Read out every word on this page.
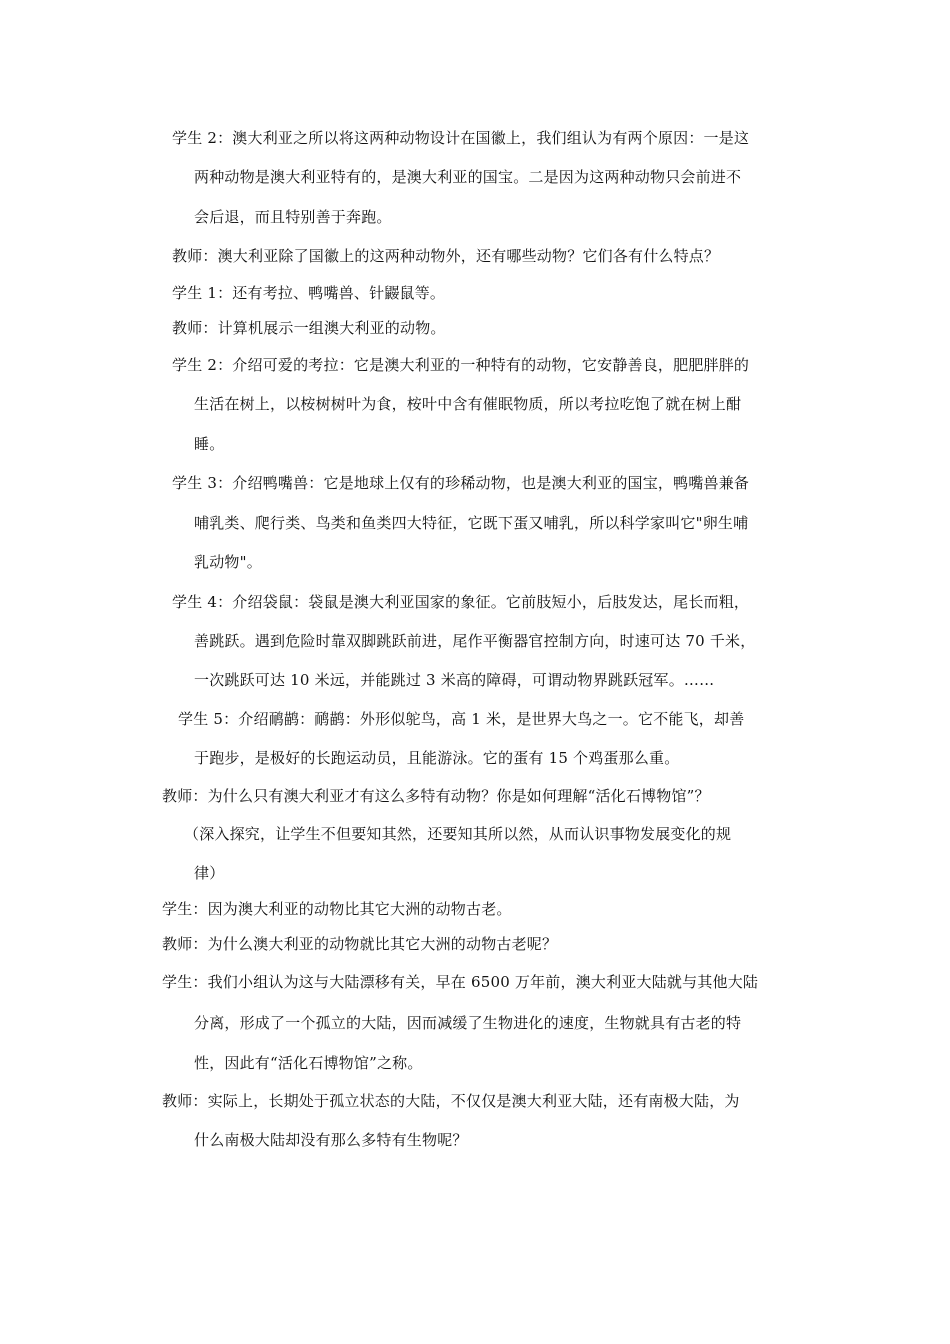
学生 2：澳大利亚之所以将这两种动物设计在国徽上，我们组认为有两个原因：一是这
两种动物是澳大利亚特有的，是澳大利亚的国宝。二是因为这两种动物只会前进不
会后退，而且特别善于奔跑。
教师：澳大利亚除了国徽上的这两种动物外，还有哪些动物？它们各有什么特点？
学生 1：还有考拉、鸭嘴兽、针鼹鼠等。
教师：计算机展示一组澳大利亚的动物。
学生 2：介绍可爱的考拉：它是澳大利亚的一种特有的动物，它安静善良，肥肥胖胖的
生活在树上，以桉树树叶为食，桉叶中含有催眠物质，所以考拉吃饱了就在树上酣
睡。
学生 3：介绍鸭嘴兽：它是地球上仅有的珍稀动物，也是澳大利亚的国宝，鸭嘴兽兼备
哺乳类、爬行类、鸟类和鱼类四大特征，它既下蛋又哺乳，所以科学家叫它"卵生哺
乳动物"。
学生 4：介绍袋鼠：袋鼠是澳大利亚国家的象征。它前肢短小，后肢发达，尾长而粗，
善跳跃。遇到危险时靠双脚跳跃前进，尾作平衡器官控制方向，时速可达 70 千米，
一次跳跃可达 10 米远，并能跳过 3 米高的障碍，可谓动物界跳跃冠军。……
学生 5：介绍鸸鹋：鸸鹋：外形似鸵鸟，高 1 米，是世界大鸟之一。它不能飞，却善
于跑步，是极好的长跑运动员，且能游泳。它的蛋有 15 个鸡蛋那么重。
教师：为什么只有澳大利亚才有这么多特有动物？你是如何理解“活化石博物馆”？
（深入探究，让学生不但要知其然，还要知其所以然，从而认识事物发展变化的规
律）
学生：因为澳大利亚的动物比其它大洲的动物古老。
教师：为什么澳大利亚的动物就比其它大洲的动物古老呢？
学生：我们小组认为这与大陆漂移有关，早在 6500 万年前，澳大利亚大陆就与其他大陆
分离，形成了一个孤立的大陆，因而减缓了生物进化的速度，生物就具有古老的特
性，因此有“活化石博物馆”之称。
教师：实际上，长期处于孤立状态的大陆，不仅仅是澳大利亚大陆，还有南极大陆，为
什么南极大陆却没有那么多特有生物呢？
